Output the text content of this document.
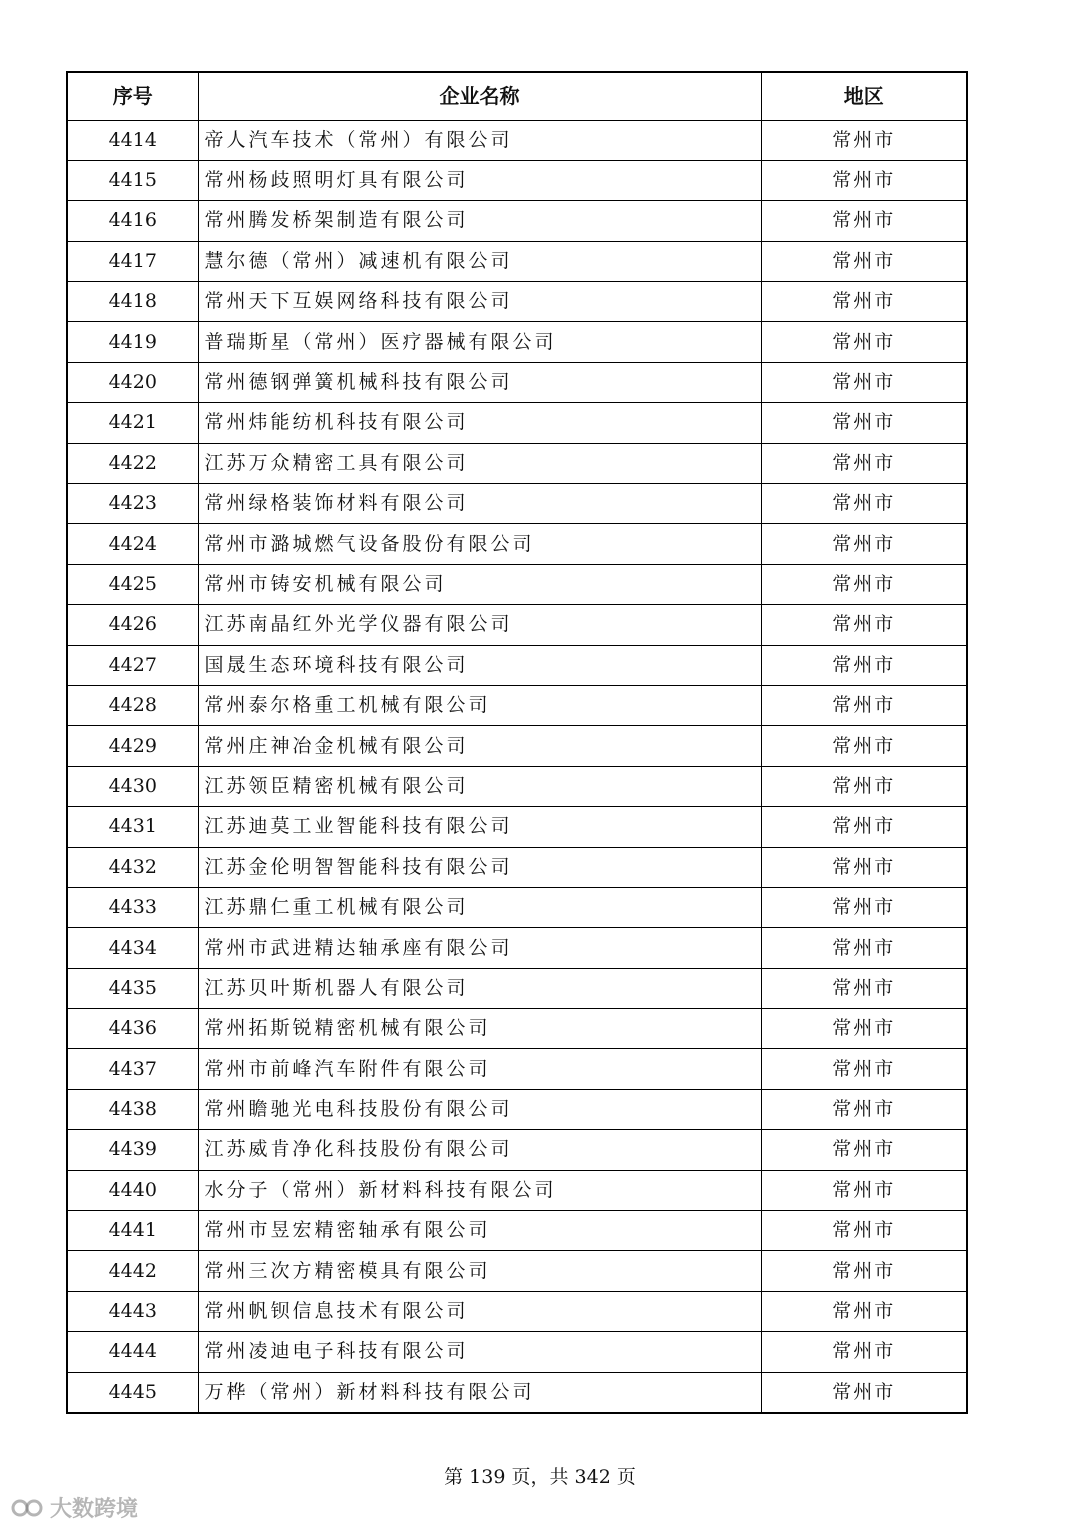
序号	企业名称	地区
4414	帝人汽车技术（常州）有限公司	常州市
4415	常州杨歧照明灯具有限公司	常州市
4416	常州腾发桥架制造有限公司	常州市
4417	慧尔德（常州）减速机有限公司	常州市
4418	常州天下互娱网络科技有限公司	常州市
4419	普瑞斯星（常州）医疗器械有限公司	常州市
4420	常州德钢弹簧机械科技有限公司	常州市
4421	常州炜能纺机科技有限公司	常州市
4422	江苏万众精密工具有限公司	常州市
4423	常州绿格装饰材料有限公司	常州市
4424	常州市潞城燃气设备股份有限公司	常州市
4425	常州市铸安机械有限公司	常州市
4426	江苏南晶红外光学仪器有限公司	常州市
4427	国晟生态环境科技有限公司	常州市
4428	常州泰尔格重工机械有限公司	常州市
4429	常州庄神冶金机械有限公司	常州市
4430	江苏领臣精密机械有限公司	常州市
4431	江苏迪莫工业智能科技有限公司	常州市
4432	江苏金伦明智智能科技有限公司	常州市
4433	江苏鼎仁重工机械有限公司	常州市
4434	常州市武进精达轴承座有限公司	常州市
4435	江苏贝叶斯机器人有限公司	常州市
4436	常州拓斯锐精密机械有限公司	常州市
4437	常州市前峰汽车附件有限公司	常州市
4438	常州瞻驰光电科技股份有限公司	常州市
4439	江苏威肯净化科技股份有限公司	常州市
4440	水分子（常州）新材料科技有限公司	常州市
4441	常州市昱宏精密轴承有限公司	常州市
4442	常州三次方精密模具有限公司	常州市
4443	常州帆钡信息技术有限公司	常州市
4444	常州凌迪电子科技有限公司	常州市
4445	万桦（常州）新材料科技有限公司	常州市
第 139 页，共 342 页
大数跨境
